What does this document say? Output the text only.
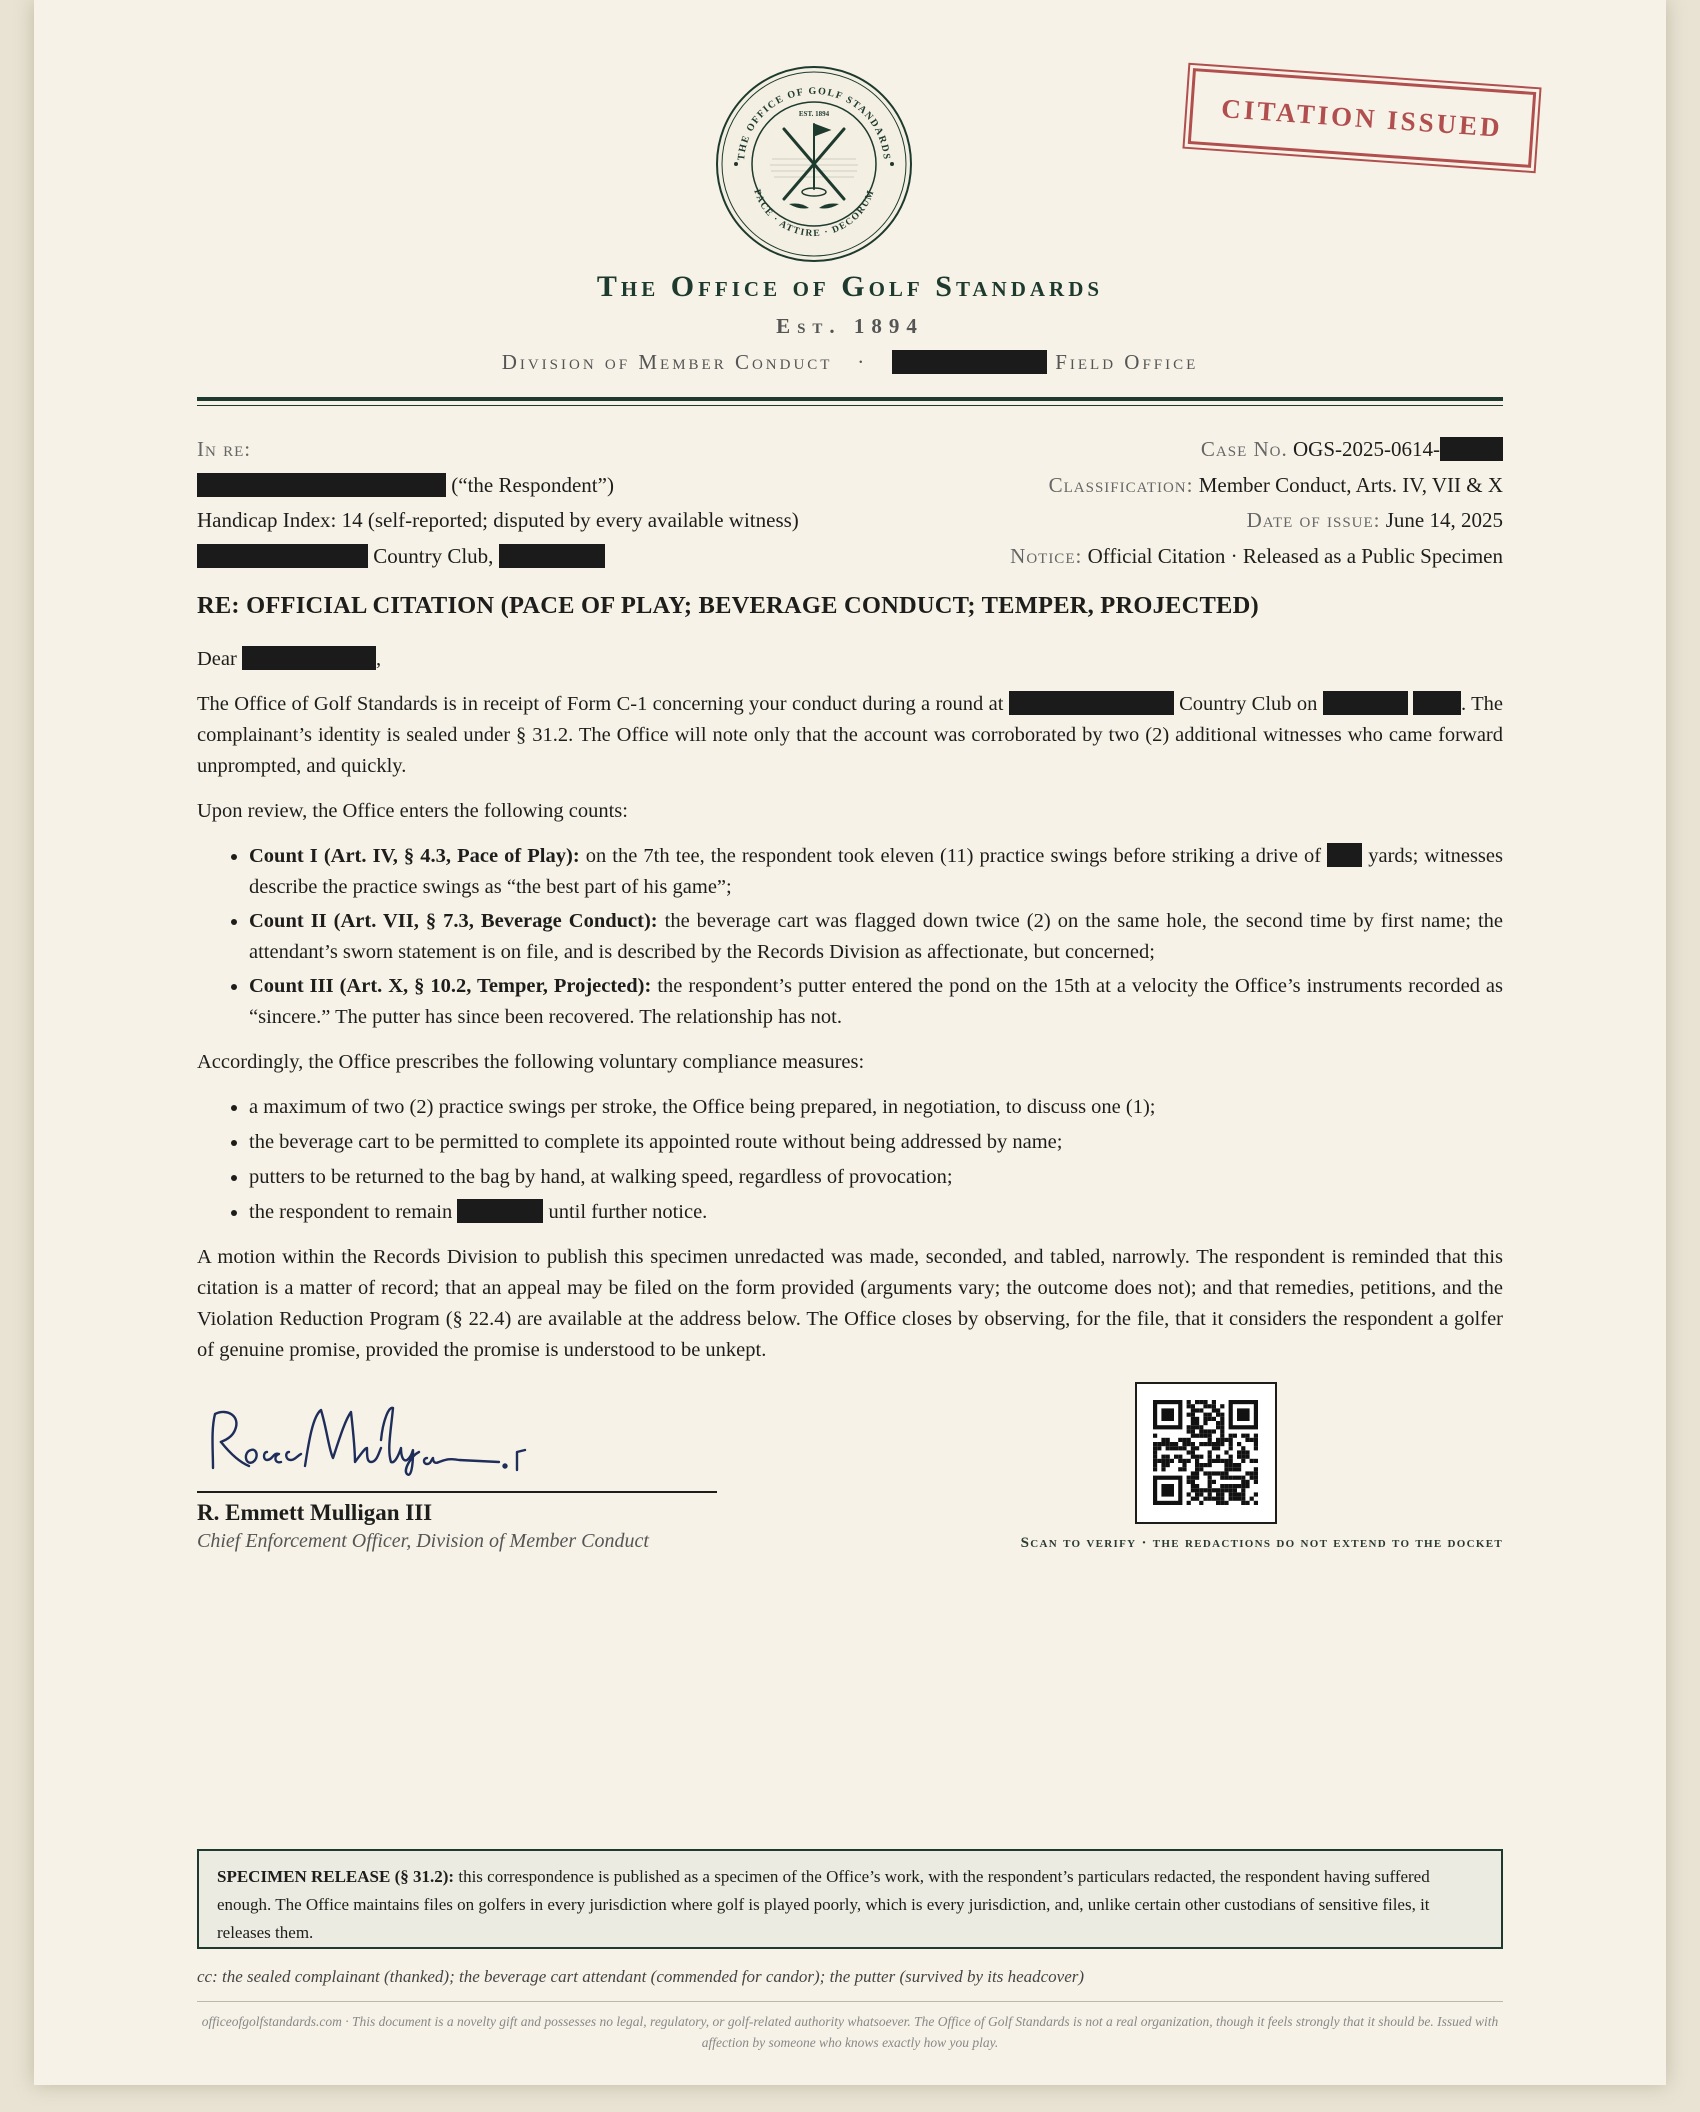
THE OFFICE OF GOLF STANDARDS
PACE · ATTIRE · DECORUM
EST. 1894	CITATION ISSUED
The Office of Golf Standards
Est. 1894
Division of Member Conduct ·	Field Office
In re:
(“the Respondent”)
Handicap Index: 14 (self-reported; disputed by every available witness)
Country Club,
Case No. OGS-2025-0614-
Classification: Member Conduct, Arts. IV, VII & X
Date of issue: June 14, 2025
Notice: Official Citation · Released as a Public Specimen
RE: OFFICIAL CITATION (PACE OF PLAY; BEVERAGE CONDUCT; TEMPER, PROJECTED)

Dear	,

The Office of Golf Standards is in receipt of Form C-1 concerning your conduct during a round at	Country Club on	. The complainant’s identity is sealed under § 31.2. The Office will note only that the account was corroborated by two (2) additional witnesses who came forward unprompted, and quickly.

Upon review, the Office enters the following counts:

• Count I (Art. IV, § 4.3, Pace of Play): on the 7th tee, the respondent took eleven (11) practice swings before striking a drive of yards; witnesses describe the practice swings as “the best part of his game”;
• Count II (Art. VII, § 7.3, Beverage Conduct): the beverage cart was flagged down twice (2) on the same hole, the second time by first name; the attendant’s sworn statement is on file, and is described by the Records Division as affectionate, but concerned;
• Count III (Art. X, § 10.2, Temper, Projected): the respondent’s putter entered the pond on the 15th at a velocity the Office’s instruments recorded as “sincere.” The putter has since been recovered. The relationship has not.

Accordingly, the Office prescribes the following voluntary compliance measures:

• a maximum of two (2) practice swings per stroke, the Office being prepared, in negotiation, to discuss one (1);
• the beverage cart to be permitted to complete its appointed route without being addressed by name;
• putters to be returned to the bag by hand, at walking speed, regardless of provocation;
• the respondent to remain	until further notice.

A motion within the Records Division to publish this specimen unredacted was made, seconded, and tabled, narrowly. The respondent is reminded that this citation is a matter of record; that an appeal may be filed on the form provided (arguments vary; the outcome does not); and that remedies, petitions, and the Violation Reduction Program (§ 22.4) are available at the address below. The Office closes by observing, for the file, that it considers the respondent a golfer of genuine promise, provided the promise is understood to be unkept.

R. Emmett Mulligan III
Chief Enforcement Officer, Division of Member Conduct	Scan to verify · the redactions do not extend to the docket
SPECIMEN RELEASE (§ 31.2): this correspondence is published as a specimen of the Office’s work, with the respondent’s particulars redacted, the respondent having suffered enough. The Office maintains files on golfers in every jurisdiction where golf is played poorly, which is every jurisdiction, and, unlike certain other custodians of sensitive files, it releases them.
cc: the sealed complainant (thanked); the beverage cart attendant (commended for candor); the putter (survived by its headcover)
officeofgolfstandards.com · This document is a novelty gift and possesses no legal, regulatory, or golf-related authority whatsoever. The Office of Golf Standards is not a real organization, though it feels strongly that it should be. Issued with affection by someone who knows exactly how you play.
